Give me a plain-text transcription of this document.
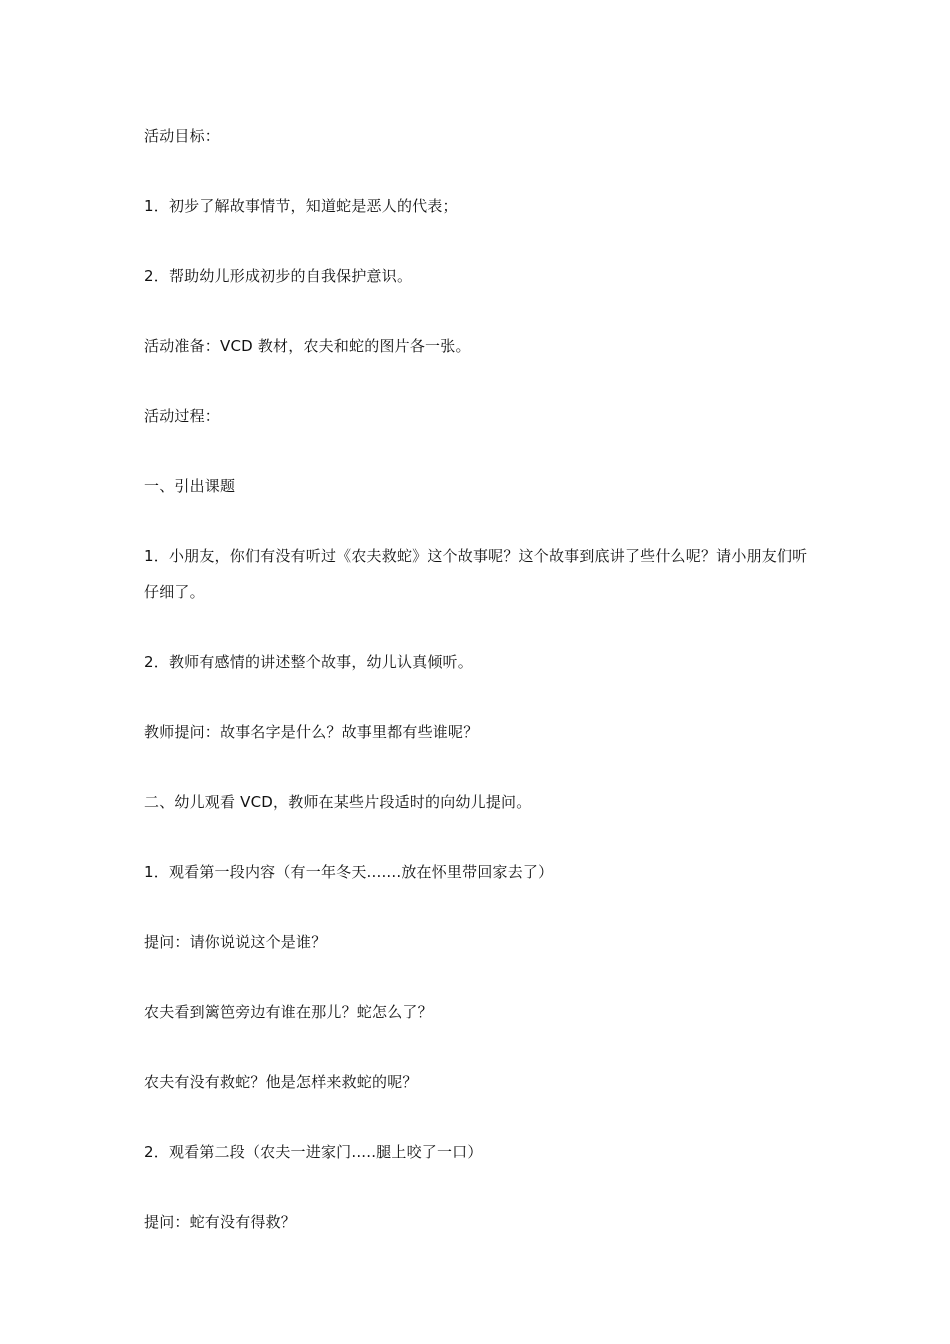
活动目标：

1．初步了解故事情节，知道蛇是恶人的代表；

2．帮助幼儿形成初步的自我保护意识。

活动准备：VCD 教材，农夫和蛇的图片各一张。

活动过程：

一、引出课题

1．小朋友，你们有没有听过《农夫救蛇》这个故事呢？这个故事到底讲了些什么呢？请小朋友们听仔细了。

2．教师有感情的讲述整个故事，幼儿认真倾听。

教师提问：故事名字是什么？故事里都有些谁呢？

二、幼儿观看 VCD，教师在某些片段适时的向幼儿提问。

1．观看第一段内容（有一年冬天.......放在怀里带回家去了）

提问：请你说说这个是谁？

农夫看到篱笆旁边有谁在那儿？蛇怎么了？

农夫有没有救蛇？他是怎样来救蛇的呢？

2．观看第二段（农夫一进家门.....腿上咬了一口）

提问：蛇有没有得救？
